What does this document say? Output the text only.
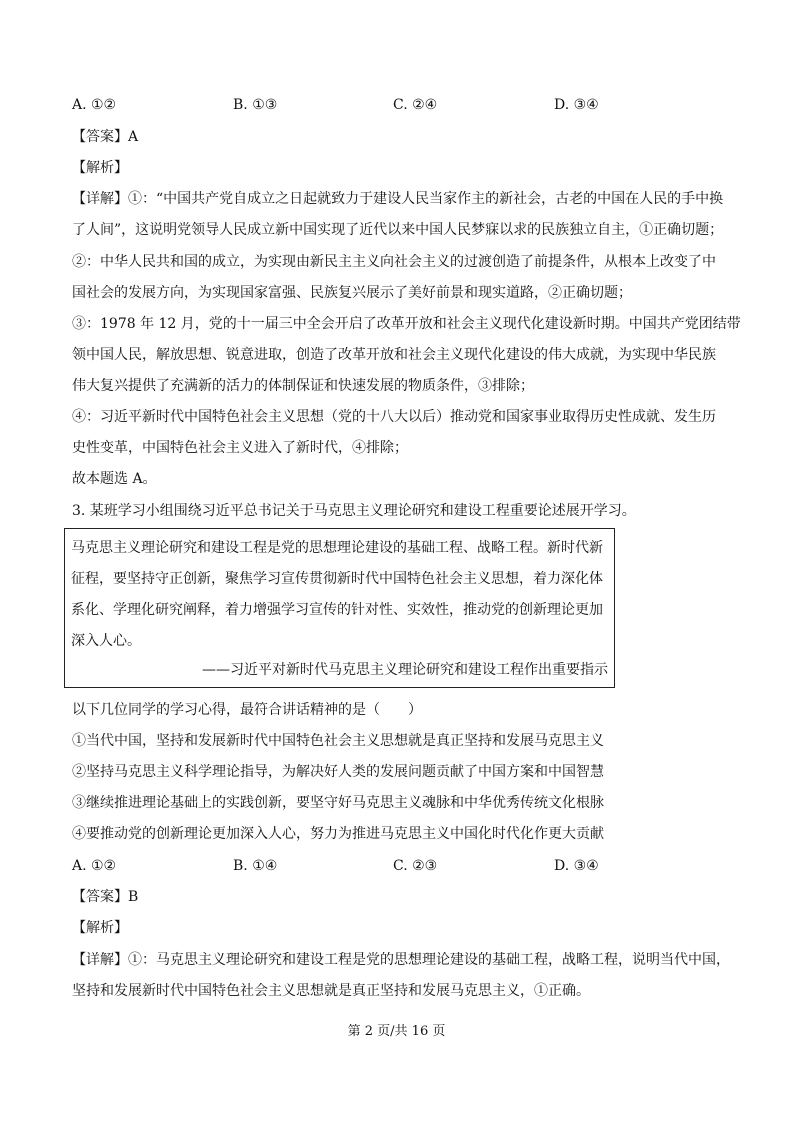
A. ①②	B. ①③	C. ②④	D. ③④
【答案】A
【解析】
【详解】①：“中国共产党自成立之日起就致力于建设人民当家作主的新社会，古老的中国在人民的手中换
了人间”，这说明党领导人民成立新中国实现了近代以来中国人民梦寐以求的民族独立自主，①正确切题；
②：中华人民共和国的成立，为实现由新民主主义向社会主义的过渡创造了前提条件，从根本上改变了中
国社会的发展方向，为实现国家富强、民族复兴展示了美好前景和现实道路，②正确切题；
③：1978 年 12 月，党的十一届三中全会开启了改革开放和社会主义现代化建设新时期。中国共产党团结带
领中国人民，解放思想、锐意进取，创造了改革开放和社会主义现代化建设的伟大成就，为实现中华民族
伟大复兴提供了充满新的活力的体制保证和快速发展的物质条件，③排除；
④：习近平新时代中国特色社会主义思想（党的十八大以后）推动党和国家事业取得历史性成就、发生历
史性变革，中国特色社会主义进入了新时代，④排除；
故本题选 A。
3. 某班学习小组围绕习近平总书记关于马克思主义理论研究和建设工程重要论述展开学习。
马克思主义理论研究和建设工程是党的思想理论建设的基础工程、战略工程。新时代新
征程，要坚持守正创新，聚焦学习宣传贯彻新时代中国特色社会主义思想，着力深化体
系化、学理化研究阐释，着力增强学习宣传的针对性、实效性，推动党的创新理论更加
深入人心。
——习近平对新时代马克思主义理论研究和建设工程作出重要指示
以下几位同学的学习心得，最符合讲话精神的是（　　）
①当代中国，坚持和发展新时代中国特色社会主义思想就是真正坚持和发展马克思主义
②坚持马克思主义科学理论指导，为解决好人类的发展问题贡献了中国方案和中国智慧
③继续推进理论基础上的实践创新，要坚守好马克思主义魂脉和中华优秀传统文化根脉
④要推动党的创新理论更加深入人心，努力为推进马克思主义中国化时代化作更大贡献
A. ①②	B. ①④	C. ②③	D. ③④
【答案】B
【解析】
【详解】①：马克思主义理论研究和建设工程是党的思想理论建设的基础工程，战略工程，说明当代中国，
坚持和发展新时代中国特色社会主义思想就是真正坚持和发展马克思主义，①正确。
第 2 页/共 16 页
